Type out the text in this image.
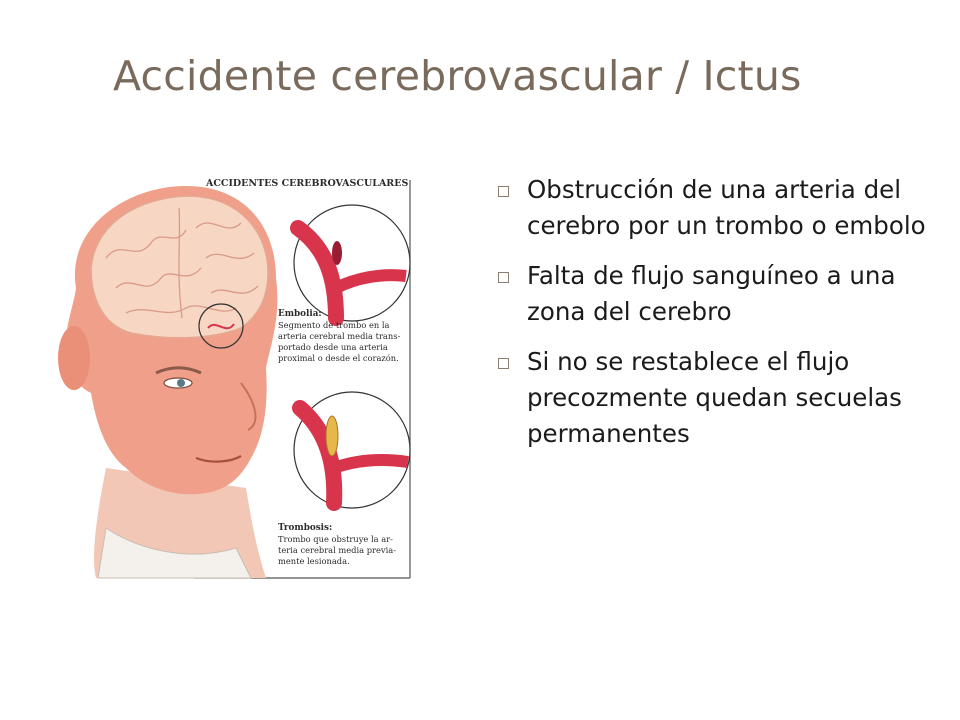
Accidente cerebrovascular / Ictus
ACCIDENTES CEREBROVASCULARES
Embolia:
Segmento de trombo en la
arteria cerebral media trans-
portado desde una arteria
proximal o desde el corazón.
Trombosis:
Trombo que obstruye la ar-
teria cerebral media previa-
mente lesionada.
Obstrucción de una arteria del cerebro por un trombo o embolo
Falta de flujo sanguíneo a una zona del cerebro
Si no se restablece el flujo precozmente quedan secuelas permanentes
